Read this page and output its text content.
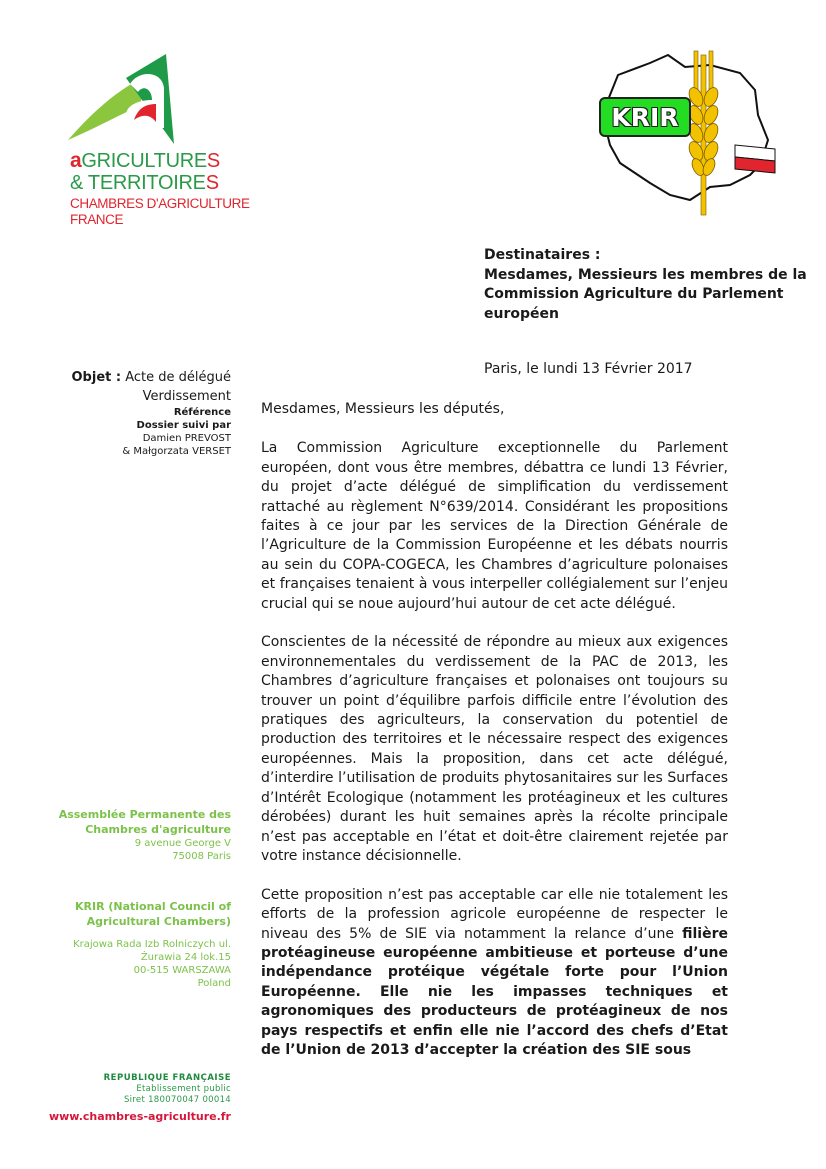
aGRICULTURES
& TERRITOIRES
CHAMBRES D'AGRICULTURE
FRANCE
KRIR
Destinataires :
Mesdames, Messieurs les membres de la
Commission Agriculture du Parlement
européen
Paris, le lundi 13 Février 2017
Objet : Acte de délégué
Verdissement
Référence
Dossier suivi par
Damien PREVOST
& Małgorzata VERSET
Assemblée Permanente des
Chambres d'agriculture
9 avenue George V
75008 Paris
KRIR (National Council of
Agricultural Chambers)
Krajowa Rada Izb Rolniczych ul.
Żurawia 24 lok.15
00-515 WARSZAWA
Poland
REPUBLIQUE FRANÇAISE
Etablissement public
Siret 180070047 00014
www.chambres-agriculture.fr

Mesdames, Messieurs les députés,

La Commission Agriculture exceptionnelle du Parlement européen, dont vous être membres, débattra ce lundi 13 Février, du projet d’acte délégué de simplification du verdissement rattaché au règlement N°639/2014. Considérant les propositions faites à ce jour par les services de la Direction Générale de l’Agriculture de la Commission Européenne et les débats nourris au sein du COPA-COGECA, les Chambres d’agriculture polonaises et françaises tenaient à vous interpeller collégialement sur l’enjeu crucial qui se noue aujourd’hui autour de cet acte délégué.

Conscientes de la nécessité de répondre au mieux aux exigences environnementales du verdissement de la PAC de 2013, les Chambres d’agriculture françaises et polonaises ont toujours su trouver un point d’équilibre parfois difficile entre l’évolution des pratiques des agriculteurs, la conservation du potentiel de production des territoires et le nécessaire respect des exigences européennes. Mais la proposition, dans cet acte délégué, d’interdire l’utilisation de produits phytosanitaires sur les Surfaces d’Intérêt Ecologique (notamment les protéagineux et les cultures dérobées) durant les huit semaines après la récolte principale n’est pas acceptable en l’état et doit-être clairement rejetée par votre instance décisionnelle.

Cette proposition n’est pas acceptable car elle nie totalement les efforts de la profession agricole européenne de respecter le niveau des 5% de SIE via notamment la relance d’une filière protéagineuse européenne ambitieuse et porteuse d’une indépendance protéique végétale forte pour l’Union Européenne. Elle nie les impasses techniques et agronomiques des producteurs de protéagineux de nos pays respectifs et enfin elle nie l’accord des chefs d’Etat de l’Union de 2013 d’accepter la création des SIE sous
